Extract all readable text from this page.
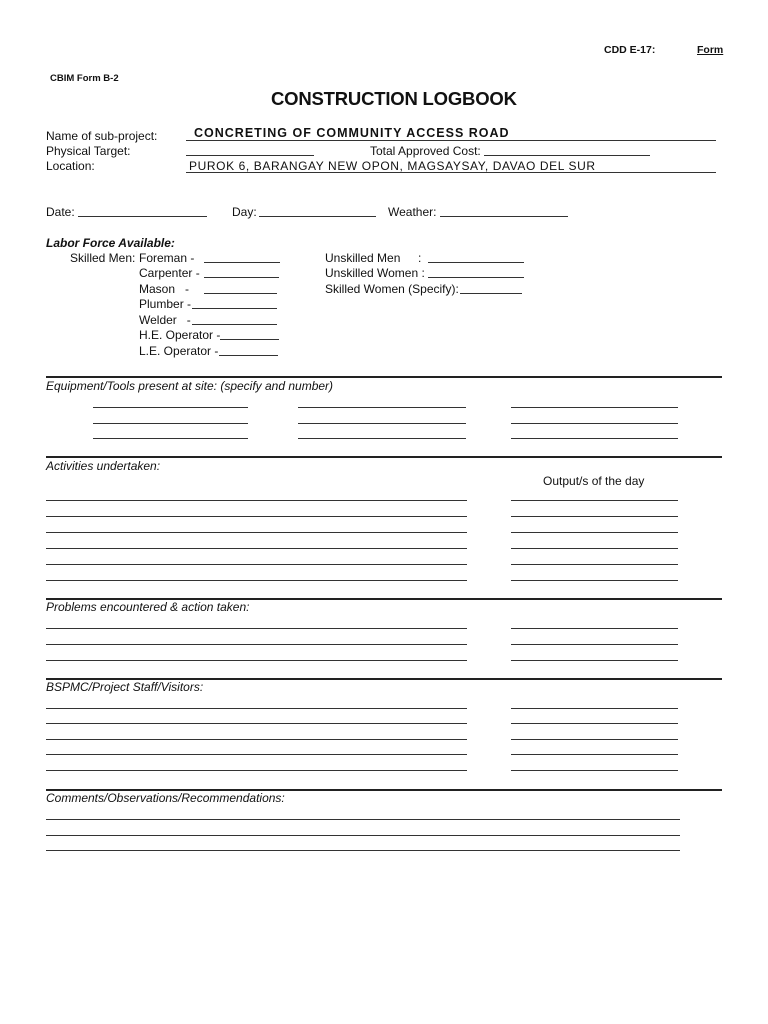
CDD E-17:	Form
CBIM Form B-2
CONSTRUCTION LOGBOOK
Name of sub-project:	CONCRETING OF COMMUNITY ACCESS ROAD
Physical Target:	Total Approved Cost:
Location:	PUROK 6, BARANGAY NEW OPON, MAGSAYSAY, DAVAO DEL SUR
Date:	Day:	Weather:
Labor Force Available:
Skilled Men: Foreman -
Carpenter -
Mason   -
Plumber -
Welder   -
H.E. Operator -
L.E. Operator -
Unskilled Men :
Unskilled Women :
Skilled Women (Specify):
Equipment/Tools present at site: (specify and number)
Activities undertaken:
Output/s of the day
Problems encountered & action taken:
BSPMC/Project Staff/Visitors:
Comments/Observations/Recommendations:
